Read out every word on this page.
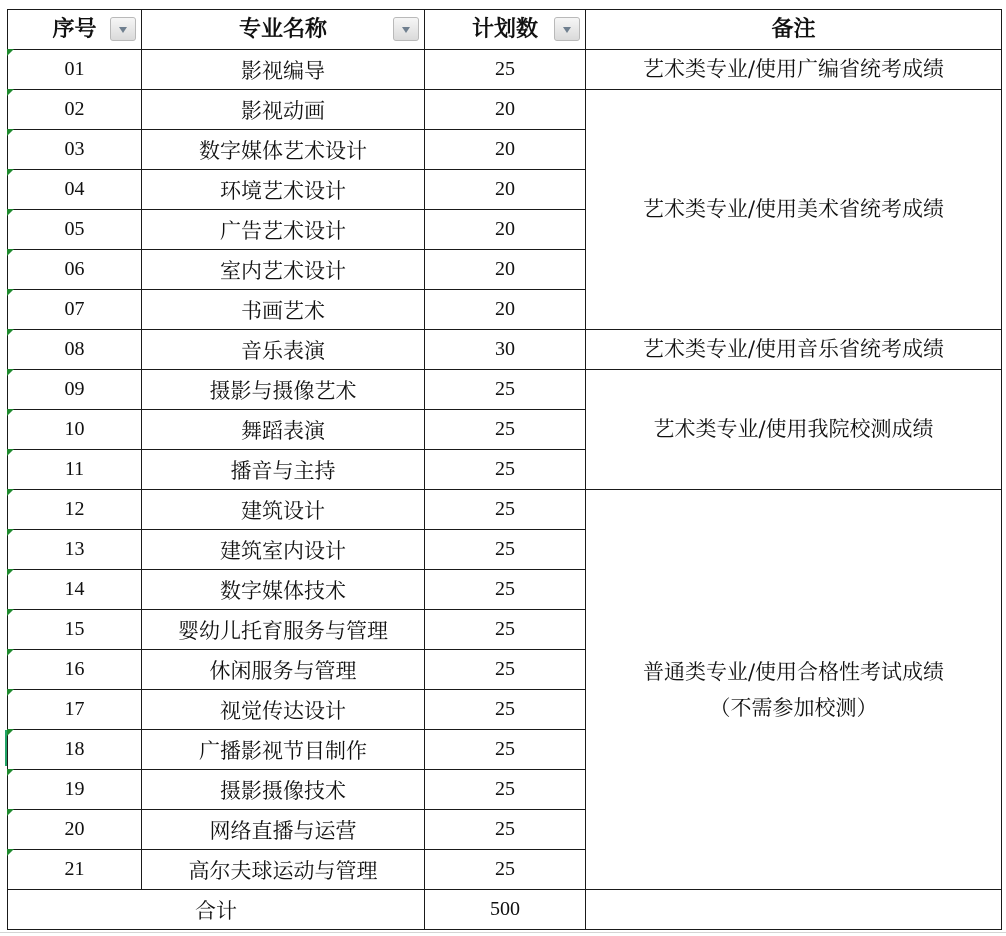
序号	专业名称	计划数	备注

01	影视编导	25	艺术类专业/使用广编省统考成绩

02	影视动画	20	艺术类专业/使用美术省统考成绩

03	数字媒体艺术设计	20	

04	环境艺术设计	20	

05	广告艺术设计	20	

06	室内艺术设计	20	

07	书画艺术	20	

08	音乐表演	30	艺术类专业/使用音乐省统考成绩

09	摄影与摄像艺术	25	艺术类专业/使用我院校测成绩

10	舞蹈表演	25	

11	播音与主持	25	

12	建筑设计	25	普通类专业/使用合格性考试成绩
（不需参加校测）

13	建筑室内设计	25	

14	数字媒体技术	25	

15	婴幼儿托育服务与管理	25	

16	休闲服务与管理	25	

17	视觉传达设计	25	

18	广播影视节目制作	25	

19	摄影摄像技术	25	

20	网络直播与运营	25	

21	高尔夫球运动与管理	25	
合计		500	
